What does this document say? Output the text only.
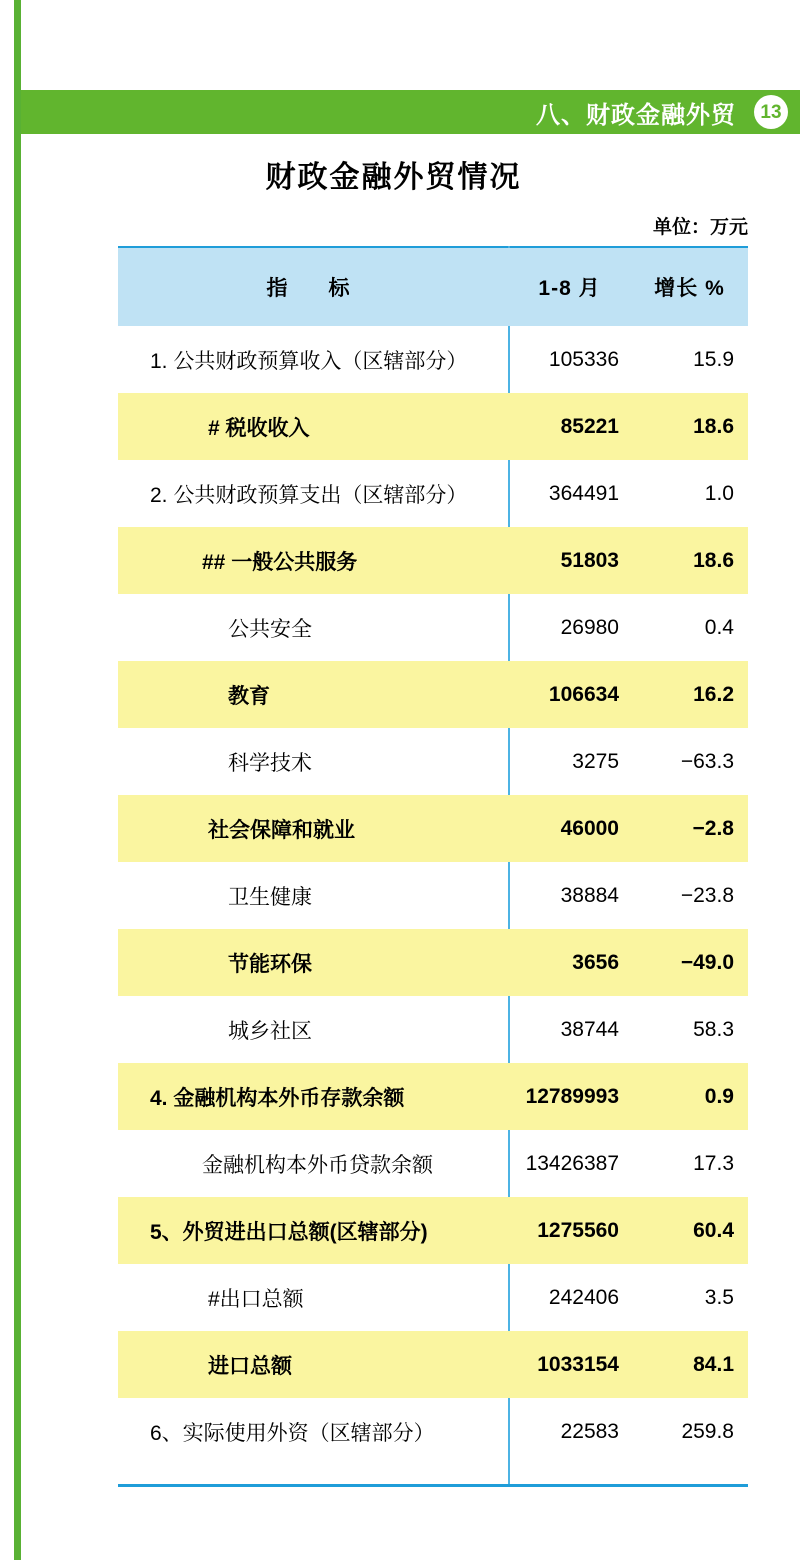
八、财政金融外贸	13
财政金融外贸情况
单位：万元
指　标	1-8 月	增长 %

1. 公共财政预算收入（区辖部分）	105336	15.9

# 税收收入	85221	18.6

2. 公共财政预算支出（区辖部分）	364491	1.0

## 一般公共服务	51803	18.6

公共安全	26980	0.4

教育	106634	16.2

科学技术	3275	−63.3

社会保障和就业	46000	−2.8

卫生健康	38884	−23.8

节能环保	3656	−49.0

城乡社区	38744	58.3

4. 金融机构本外币存款余额	12789993	0.9

金融机构本外币贷款余额	13426387	17.3

5、外贸进出口总额(区辖部分)	1275560	60.4

#出口总额	242406	3.5

进口总额	1033154	84.1

6、实际使用外资（区辖部分）	22583	259.8
